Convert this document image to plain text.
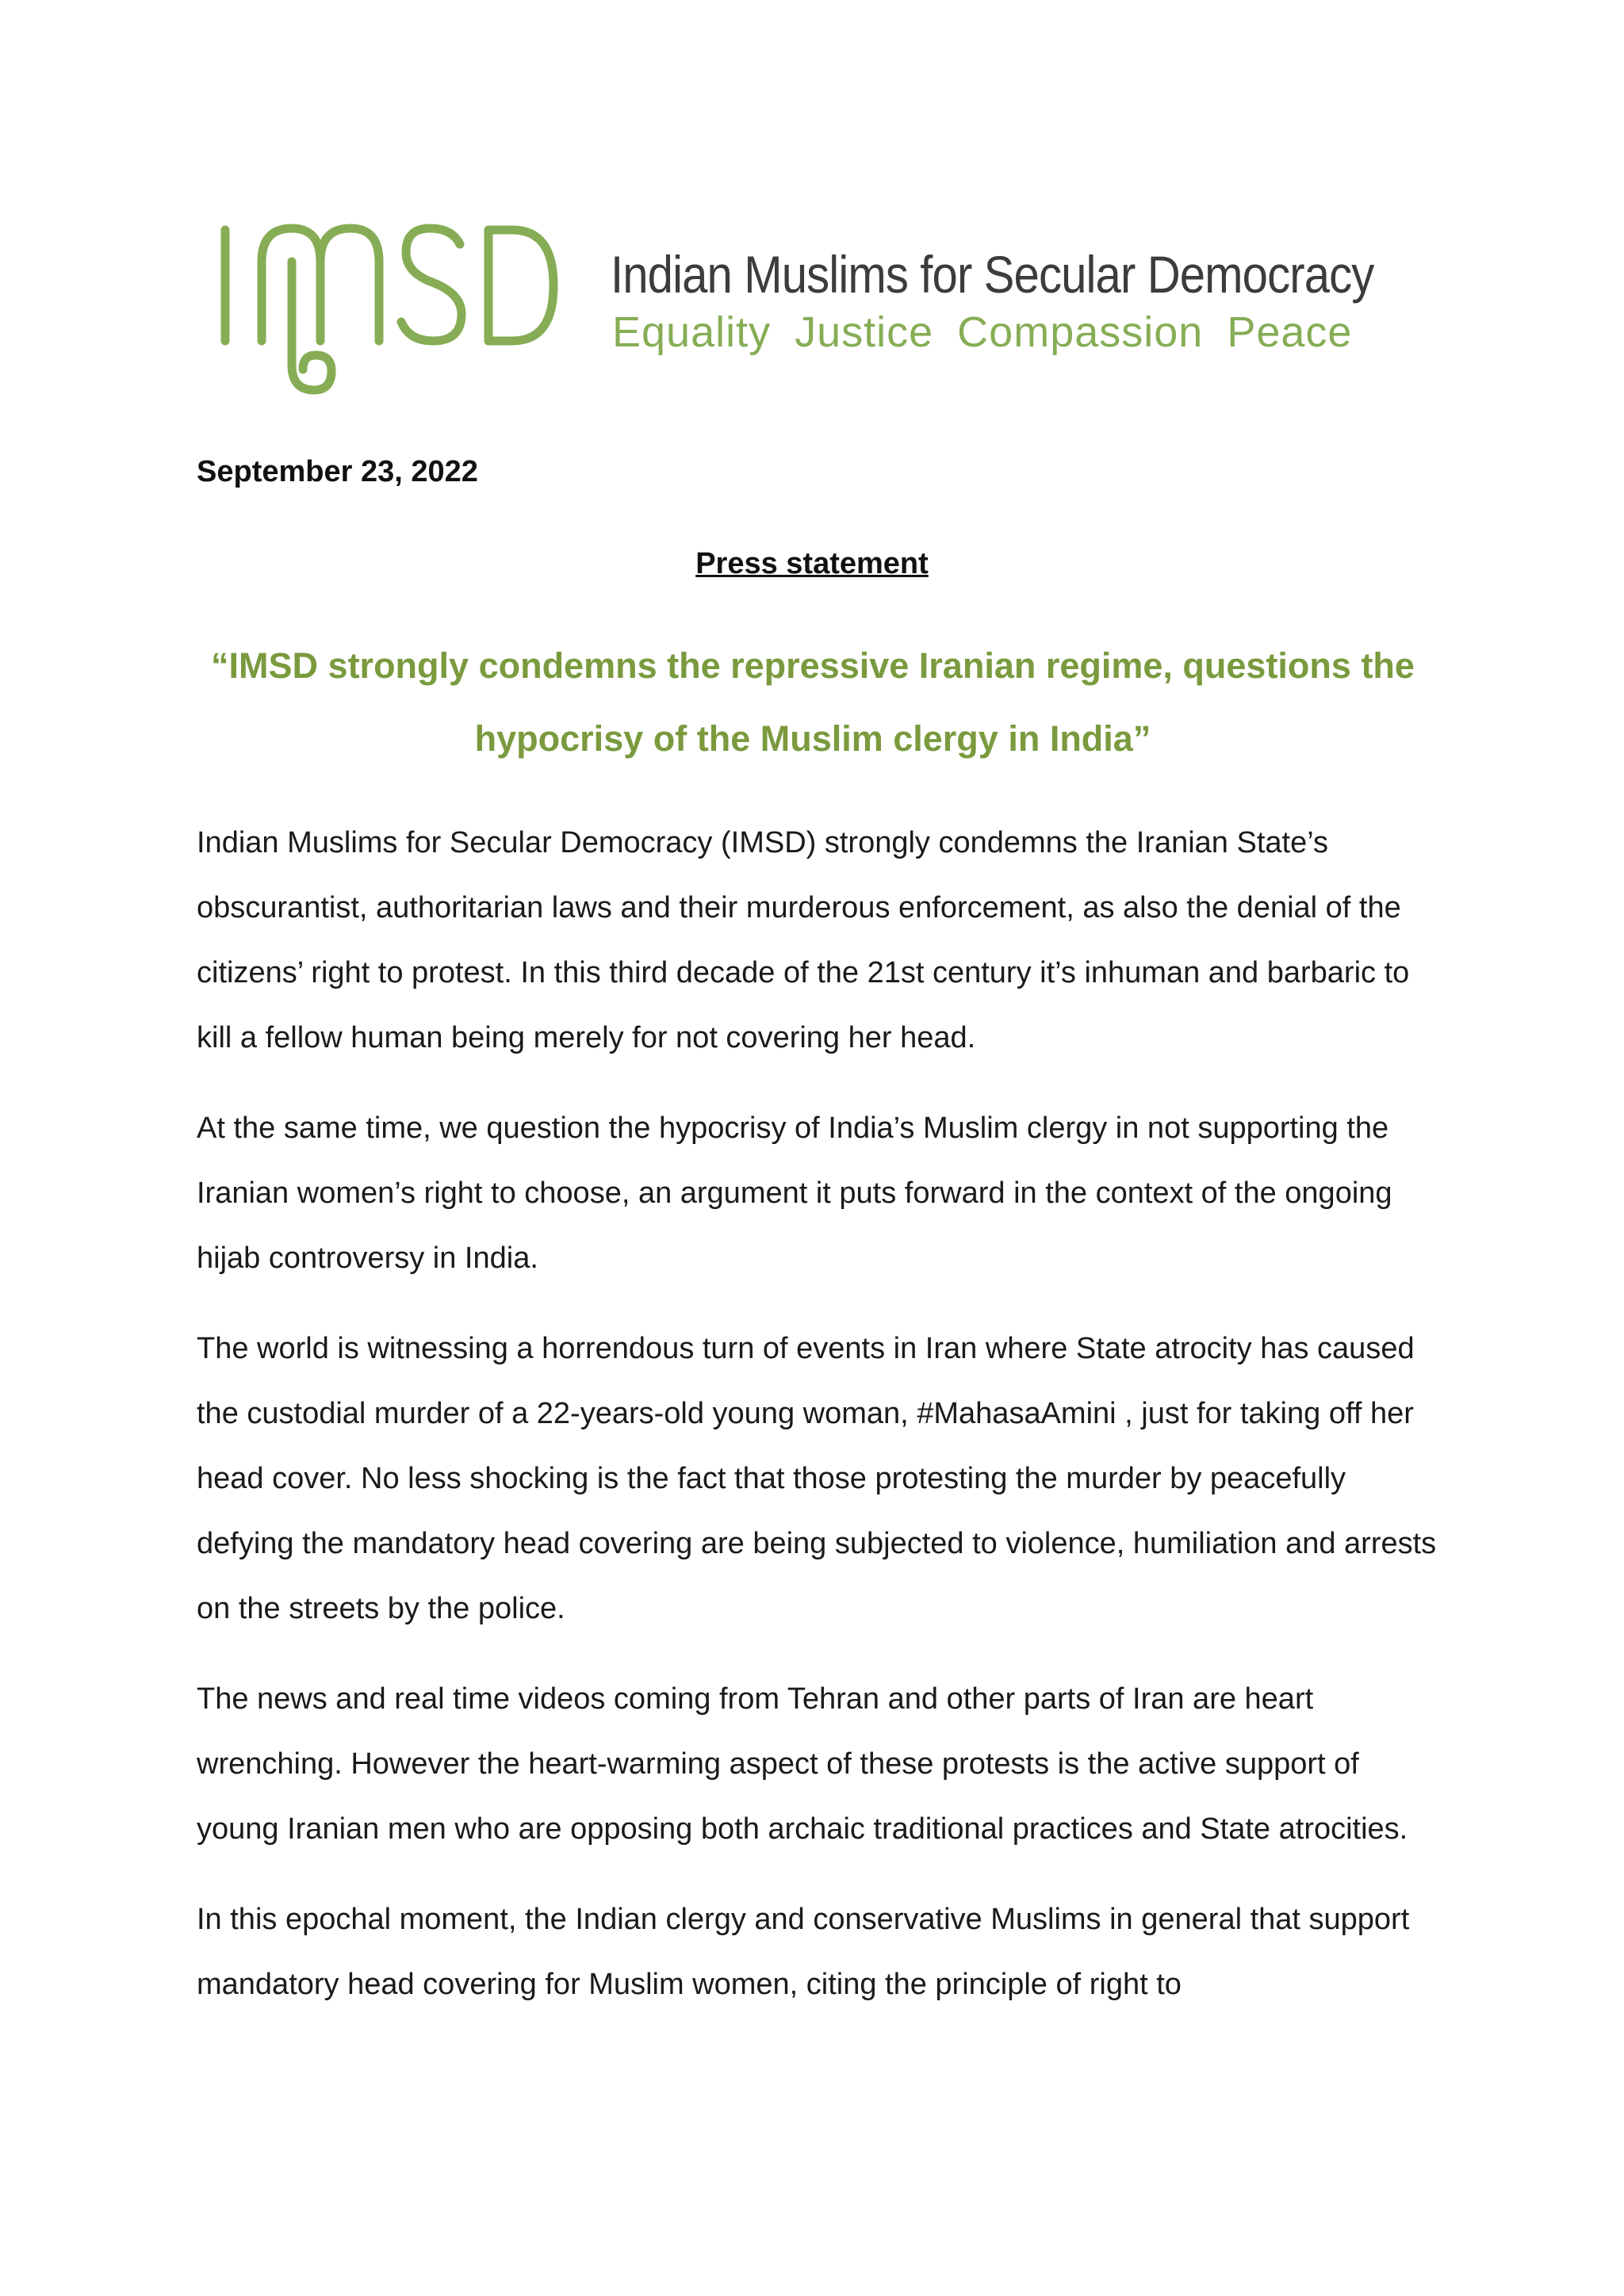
Indian Muslims for Secular Democracy
Equality Justice Compassion Peace
September 23, 2022
Press statement
“IMSD strongly condemns the repressive Iranian regime, questions the hypocrisy of the Muslim clergy in India”

Indian Muslims for Secular Democracy (IMSD) strongly condemns the Iranian State’s obscurantist, authoritarian laws and their murderous enforcement, as also the denial of the citizens’ right to protest. In this third decade of the 21st century it’s inhuman and barbaric to kill a fellow human being merely for not covering her head.

At the same time, we question the hypocrisy of India’s Muslim clergy in not supporting the Iranian women’s right to choose, an argument it puts forward in the context of the ongoing hijab controversy in India.

The world is witnessing a horrendous turn of events in Iran where State atrocity has caused the custodial murder of a 22-years-old young woman, #MahasaAmini , just for taking off her head cover. No less shocking is the fact that those protesting the murder by peacefully defying the mandatory head covering are being subjected to violence, humiliation and arrests on the streets by the police.

The news and real time videos coming from Tehran and other parts of Iran are heart wrenching. However the heart-warming aspect of these protests is the active support of young Iranian men who are opposing both archaic traditional practices and State atrocities.

In this epochal moment, the Indian clergy and conservative Muslims in general that support mandatory head covering for Muslim women, citing the principle of right to
